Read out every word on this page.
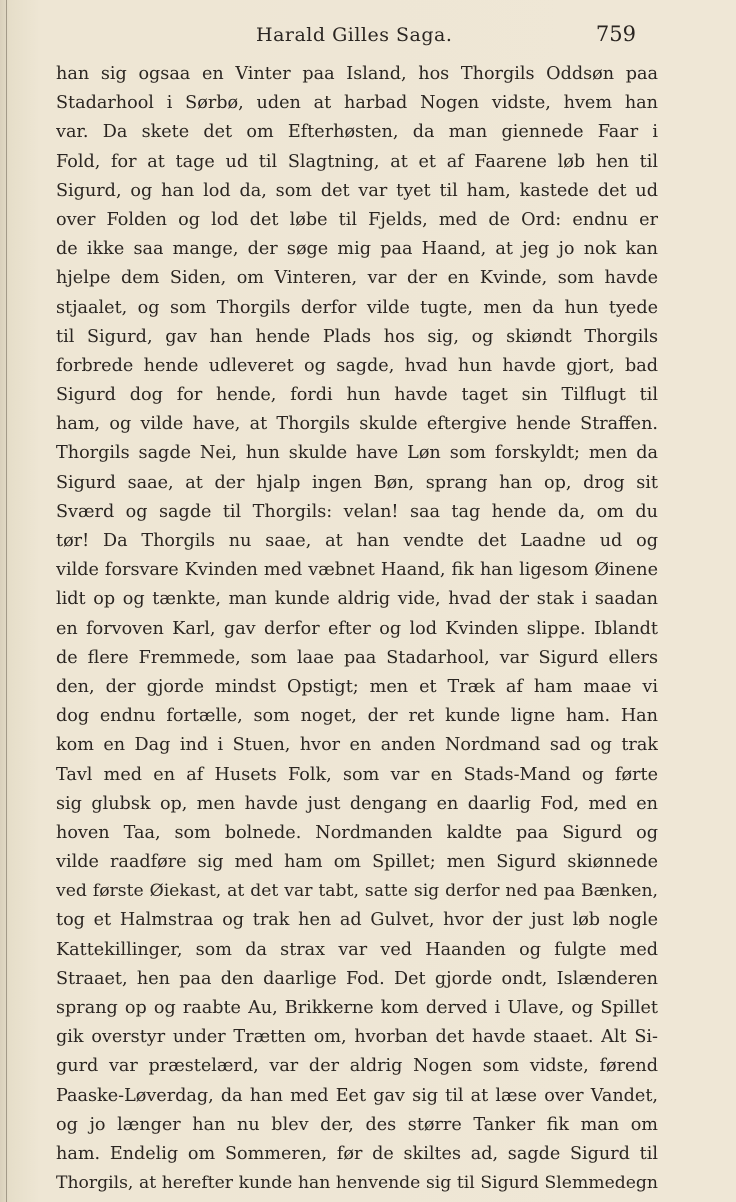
Harald Gilles Saga.	759
han sig ogsaa en Vinter paa Island, hos Thorgils Oddsøn paa
Stadarhool i Sørbø, uden at harbad Nogen vidste, hvem han
var. Da skete det om Efterhøsten, da man giennede Faar i
Fold, for at tage ud til Slagtning, at et af Faarene løb hen til
Sigurd, og han lod da, som det var tyet til ham, kastede det ud
over Folden og lod det løbe til Fjelds, med de Ord: endnu er
de ikke saa mange, der søge mig paa Haand, at jeg jo nok kan
hjelpe dem Siden, om Vinteren, var der en Kvinde, som havde
stjaalet, og som Thorgils derfor vilde tugte, men da hun tyede
til Sigurd, gav han hende Plads hos sig, og skiøndt Thorgils
forbrede hende udleveret og sagde, hvad hun havde gjort, bad
Sigurd dog for hende, fordi hun havde taget sin Tilflugt til
ham, og vilde have, at Thorgils skulde eftergive hende Straffen.
Thorgils sagde Nei, hun skulde have Løn som forskyldt; men da
Sigurd saae, at der hjalp ingen Bøn, sprang han op, drog sit
Sværd og sagde til Thorgils: velan! saa tag hende da, om du
tør! Da Thorgils nu saae, at han vendte det Laadne ud og
vilde forsvare Kvinden med væbnet Haand, fik han ligesom Øinene
lidt op og tænkte, man kunde aldrig vide, hvad der stak i saadan
en forvoven Karl, gav derfor efter og lod Kvinden slippe. Iblandt
de flere Fremmede, som laae paa Stadarhool, var Sigurd ellers
den, der gjorde mindst Opstigt; men et Træk af ham maae vi
dog endnu fortælle, som noget, der ret kunde ligne ham. Han
kom en Dag ind i Stuen, hvor en anden Nordmand sad og trak
Tavl med en af Husets Folk, som var en Stads-Mand og førte
sig glubsk op, men havde just dengang en daarlig Fod, med en
hoven Taa, som bolnede. Nordmanden kaldte paa Sigurd og
vilde raadføre sig med ham om Spillet; men Sigurd skiønnede
ved første Øiekast, at det var tabt, satte sig derfor ned paa Bænken,
tog et Halmstraa og trak hen ad Gulvet, hvor der just løb nogle
Kattekillinger, som da strax var ved Haanden og fulgte med
Straaet, hen paa den daarlige Fod. Det gjorde ondt, Islænderen
sprang op og raabte Au, Brikkerne kom derved i Ulave, og Spillet
gik overstyr under Trætten om, hvorban det havde staaet. Alt Si-
gurd var præstelærd, var der aldrig Nogen som vidste, førend
Paaske-Løverdag, da han med Eet gav sig til at læse over Vandet,
og jo længer han nu blev der, des større Tanker fik man om
ham. Endelig om Sommeren, før de skiltes ad, sagde Sigurd til
Thorgils, at herefter kunde han henvende sig til Sigurd Slemmedegn
